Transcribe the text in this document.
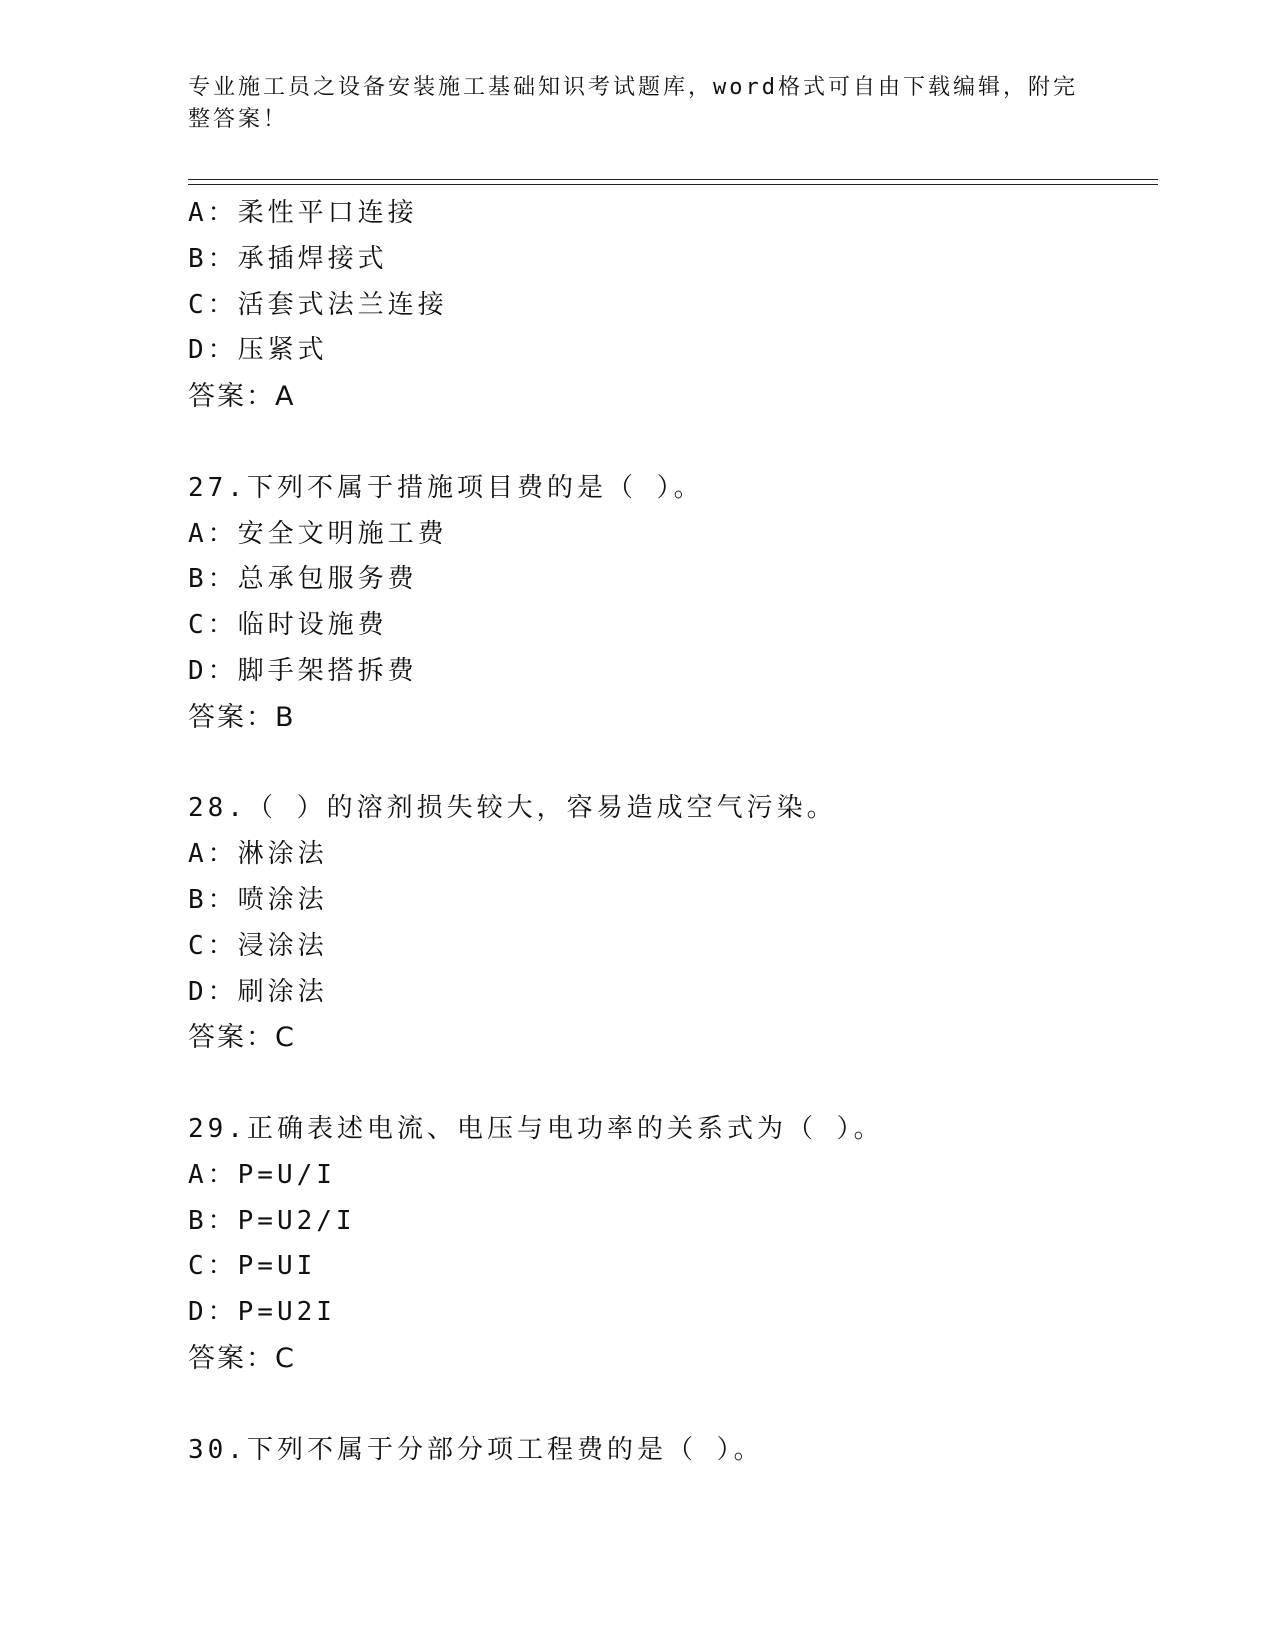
专业施工员之设备安装施工基础知识考试题库，word格式可自由下载编辑，附完
整答案！
A：柔性平口连接
B：承插焊接式
C：活套式法兰连接
D：压紧式
答案：A
27.下列不属于措施项目费的是（ ）。
A：安全文明施工费
B：总承包服务费
C：临时设施费
D：脚手架搭拆费
答案：B
28.（ ）的溶剂损失较大，容易造成空气污染。
A：淋涂法
B：喷涂法
C：浸涂法
D：刷涂法
答案：C
29.正确表述电流、电压与电功率的关系式为（ ）。
A：P=U/I
B：P=U2/I
C：P=UI
D：P=U2I
答案：C
30.下列不属于分部分项工程费的是（ ）。
